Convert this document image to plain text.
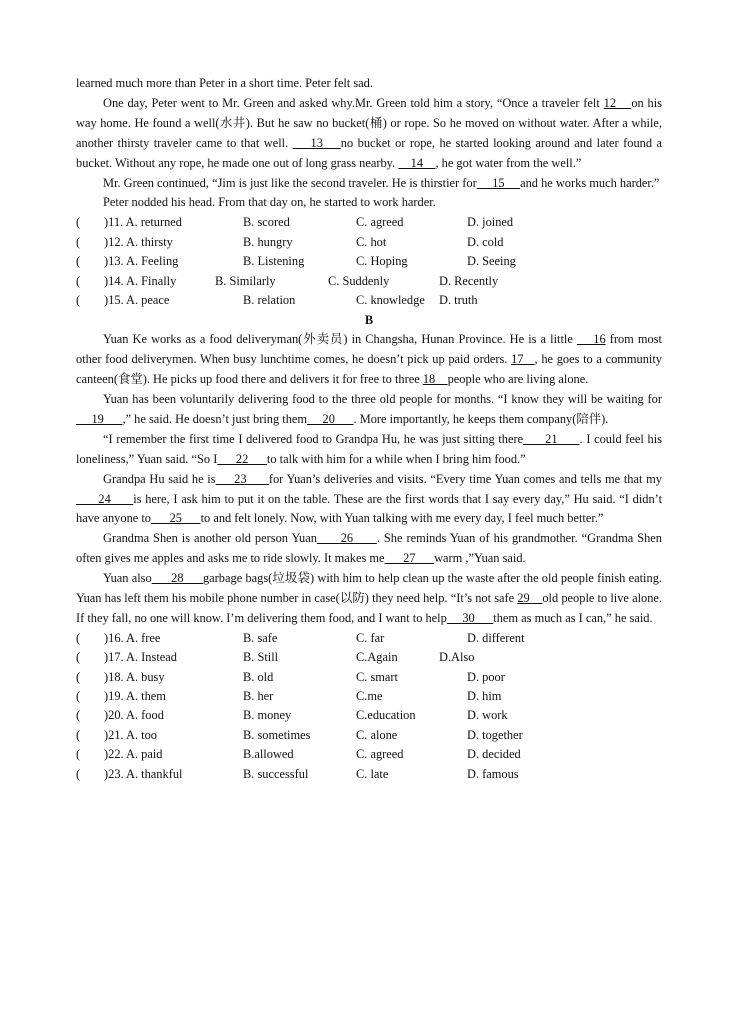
learned much more than Peter in a short time. Peter felt sad.

One day, Peter went to Mr. Green and asked why.Mr. Green told him a story, “Once a traveler felt 12    on his way home. He found a well(水井). But he saw no bucket(桶) or rope. So he moved on without water. After a while, another thirsty traveler came to that well.     13    no bucket or rope, he started looking around and later found a bucket. Without any rope, he made one out of long grass nearby.     14    , he got water from the well.”

Mr. Green continued, “Jim is just like the second traveler. He is thirstier for     15     and he works much harder.”

Peter nodded his head. From that day on, he started to work harder.

( )11. A. returned	B. scored	C. agreed	D. joined
( )12. A. thirsty	B. hungry	C. hot	D. cold
( )13. A. Feeling	B. Listening	C. Hoping	D. Seeing
( )14. A. Finally	B. Similarly	C. Suddenly	D. Recently
( )15. A. peace	B. relation	C. knowledge D. truth

B

Yuan Ke works as a food deliveryman(外卖员) in Changsha, Hunan Province. He is a little     16 from most other food deliverymen. When busy lunchtime comes, he doesn’t pick up paid orders. 17   , he goes to a community canteen(食堂). He picks up food there and delivers it for free to three 18    people who are living alone.

Yuan has been voluntarily delivering food to the three old people for months. “I know they will be waiting for     19      ,” he said. He doesn’t just bring them     20      . More importantly, he keeps them company(陪伴).

“I remember the first time I delivered food to Grandpa Hu, he was just sitting there      21      . I could feel his loneliness,” Yuan said. “So I      22      to talk with him for a while when I bring him food.”

Grandpa Hu said he is     23      for Yuan’s deliveries and visits. “Every time Yuan comes and tells me that my      24      is here, I ask him to put it on the table. These are the first words that I say every day,” Hu said. “I didn’t have anyone to      25      to and felt lonely. Now, with Yuan talking with me every day, I feel much better.”

Grandma Shen is another old person Yuan      26      . She reminds Yuan of his grandmother. “Grandma Shen often gives me apples and asks me to ride slowly. It makes me      27      warm ,”Yuan said.

Yuan also      28      garbage bags(垃圾袋) with him to help clean up the waste after the old people finish eating. Yuan has left them his mobile phone number in case(以防) they need help. “It’s not safe 29    old people to live alone. If they fall, no one will know. I’m delivering them food, and I want to help     30      them as much as I can,” he said.

( )16. A. free	B. safe	C. far	D. different
( )17. A. Instead	B. Still	C.Again	D.Also
( )18. A. busy	B. old	C. smart	D. poor
( )19. A. them	B. her	C.me	D. him
( )20. A. food	B. money	C.education	D. work
( )21. A. too	B. sometimes	C. alone	D. together
( )22. A. paid	B.allowed	C. agreed	D. decided
( )23. A. thankful	B. successful	C. late	D. famous
